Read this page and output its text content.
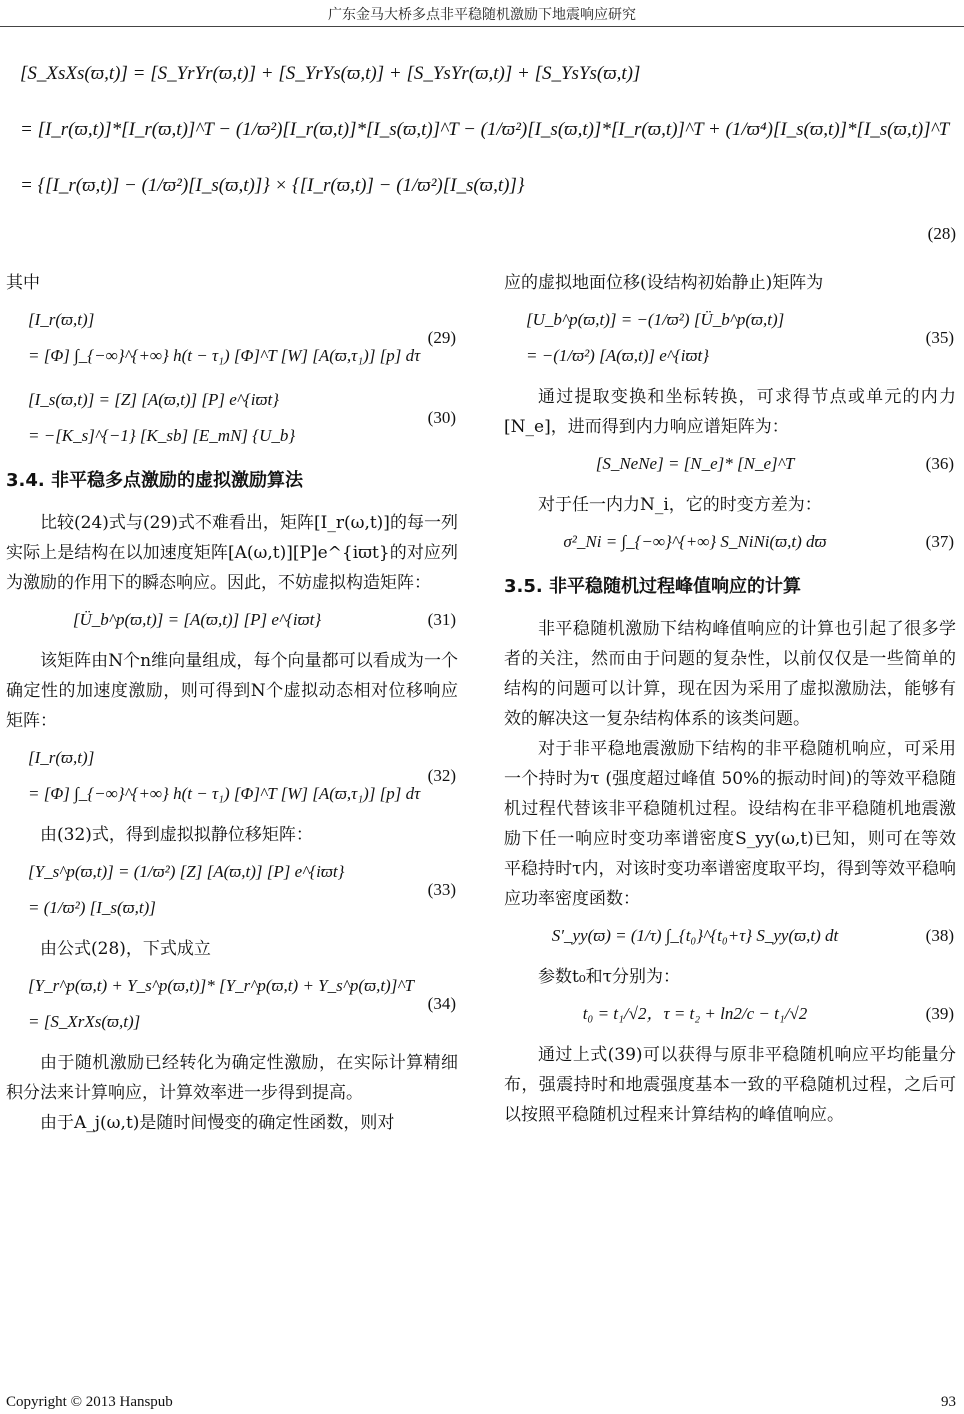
广东金马大桥多点非平稳随机激励下地震响应研究
[S_XsXs(ϖ,t)] = [S_YrYr(ϖ,t)] + [S_YrYs(ϖ,t)] + [S_YsYr(ϖ,t)] + [S_YsYs(ϖ,t)]
= [I_r(ϖ,t)]*[I_r(ϖ,t)]^T − (1/ϖ²)[I_r(ϖ,t)]*[I_s(ϖ,t)]^T − (1/ϖ²)[I_s(ϖ,t)]*[I_r(ϖ,t)]^T + (1/ϖ⁴)[I_s(ϖ,t)]*[I_s(ϖ,t)]^T
= {[I_r(ϖ,t)] − (1/ϖ²)[I_s(ϖ,t)]} × {[I_r(ϖ,t)] − (1/ϖ²)[I_s(ϖ,t)]}
(28)

其中

[I_r(ϖ,t)]
= [Φ] ∫_{−∞}^{+∞} h(t − τ₁) [Φ]^T [W] [A(ϖ,τ₁)] [p] dτ
(29)
[I_s(ϖ,t)] = [Z] [A(ϖ,t)] [P] e^{iϖt}
= −[K_s]^{−1} [K_sb] [E_mN] {U_b}
(30)
3.4. 非平稳多点激励的虚拟激励算法

比较(24)式与(29)式不难看出，矩阵[I_r(ω,t)]的每一列实际上是结构在以加速度矩阵[A(ω,t)][P]e^{iϖt}的对应列为激励的作用下的瞬态响应。因此，不妨虚拟构造矩阵：

[Ü_b^p(ϖ,t)] = [A(ϖ,t)] [P] e^{iϖt}	(31)

该矩阵由N个n维向量组成，每个向量都可以看成为一个确定性的加速度激励，则可得到N个虚拟动态相对位移响应矩阵：

[I_r(ϖ,t)]
= [Φ] ∫_{−∞}^{+∞} h(t − τ₁) [Φ]^T [W] [A(ϖ,τ₁)] [p] dτ
(32)

由(32)式，得到虚拟拟静位移矩阵：

[Y_s^p(ϖ,t)] = (1/ϖ²) [Z] [A(ϖ,t)] [P] e^{iϖt}
= (1/ϖ²) [I_s(ϖ,t)]
(33)

由公式(28)，下式成立

[Y_r^p(ϖ,t) + Y_s^p(ϖ,t)]* [Y_r^p(ϖ,t) + Y_s^p(ϖ,t)]^T
= [S_XrXs(ϖ,t)]
(34)

由于随机激励已经转化为确定性激励，在实际计算精细积分法来计算响应，计算效率进一步得到提高。

由于A_j(ω,t)是随时间慢变的确定性函数，则对

应的虚拟地面位移(设结构初始静止)矩阵为

[U_b^p(ϖ,t)] = −(1/ϖ²) [Ü_b^p(ϖ,t)]
= −(1/ϖ²) [A(ϖ,t)] e^{iϖt}
(35)

通过提取变换和坐标转换，可求得节点或单元的内力[N_e]，进而得到内力响应谱矩阵为：

[S_NeNe] = [N_e]* [N_e]^T	(36)

对于任一内力N_i，它的时变方差为：

σ²_Ni = ∫_{−∞}^{+∞} S_NiNi(ϖ,t) dϖ	(37)
3.5. 非平稳随机过程峰值响应的计算

非平稳随机激励下结构峰值响应的计算也引起了很多学者的关注，然而由于问题的复杂性，以前仅仅是一些简单的结构的问题可以计算，现在因为采用了虚拟激励法，能够有效的解决这一复杂结构体系的该类问题。

对于非平稳地震激励下结构的非平稳随机响应，可采用一个持时为τ (强度超过峰值 50%的振动时间)的等效平稳随机过程代替该非平稳随机过程。设结构在非平稳随机地震激励下任一响应时变功率谱密度S_yy(ω,t)已知，则可在等效平稳持时τ内，对该时变功率谱密度取平均，得到等效平稳响应功率密度函数：

S′_yy(ϖ) = (1/τ) ∫_{t₀}^{t₀+τ} S_yy(ϖ,t) dt	(38)

参数t₀和τ分别为：

t₀ = t₁/√2，τ = t₂ + ln2/c − t₁/√2	(39)

通过上式(39)可以获得与原非平稳随机响应平均能量分布，强震持时和地震强度基本一致的平稳随机过程，之后可以按照平稳随机过程来计算结构的峰值响应。

Copyright © 2013 Hanspub	93
